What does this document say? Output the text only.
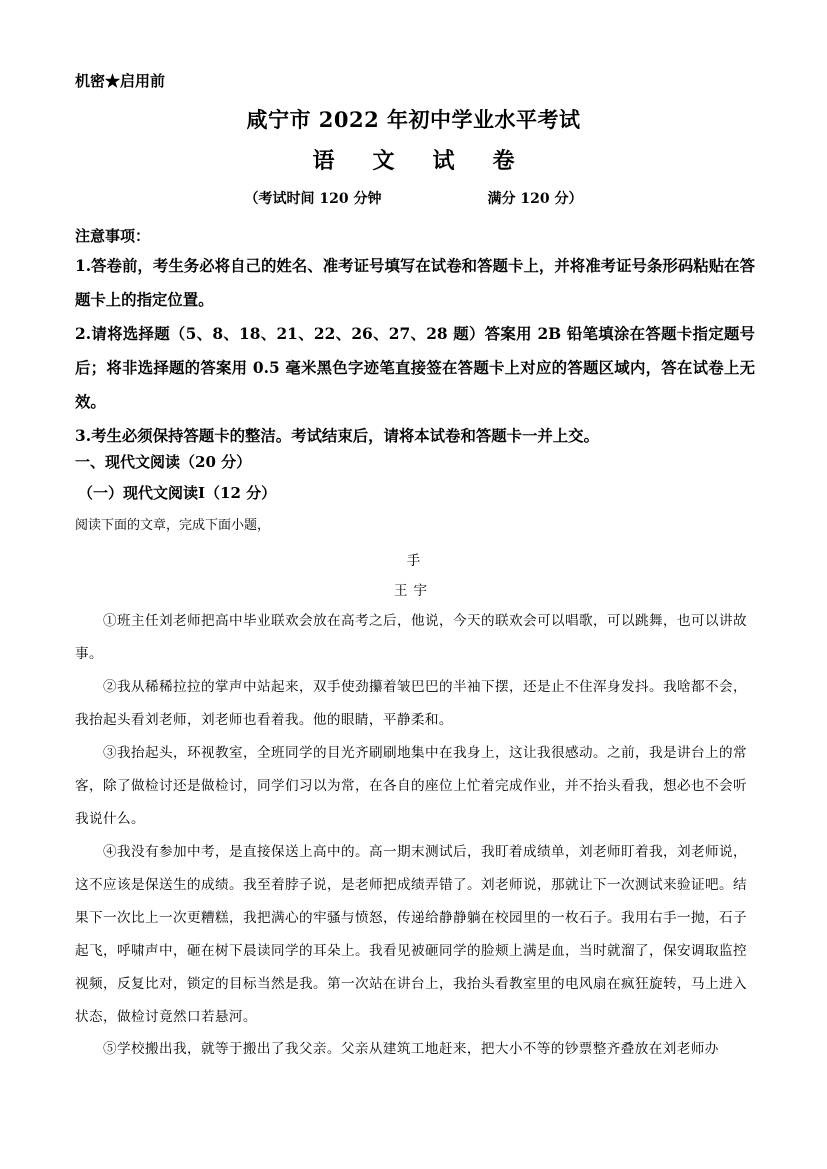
机密★启用前
咸宁市 2022 年初中学业水平考试
语 文 试 卷
（考试时间 120 分钟	满分 120 分）
注意事项：
1.答卷前，考生务必将自己的姓名、准考证号填写在试卷和答题卡上，并将准考证号条形码粘贴在答题卡上的指定位置。
2.请将选择题（5、8、18、21、22、26、27、28 题）答案用 2B 铅笔填涂在答题卡指定题号后；将非选择题的答案用 0.5 毫米黑色字迹笔直接签在答题卡上对应的答题区域内，答在试卷上无效。
3.考生必须保持答题卡的整洁。考试结束后，请将本试卷和答题卡一并上交。
一、现代文阅读（20 分）
（一）现代文阅读Ⅰ（12 分）
阅读下面的文章，完成下面小题，
手
王宇
①班主任刘老师把高中毕业联欢会放在高考之后，他说，今天的联欢会可以唱歌，可以跳舞，也可以讲故事。
②我从稀稀拉拉的掌声中站起来，双手使劲攥着皱巴巴的半袖下摆，还是止不住浑身发抖。我啥都不会，我抬起头看刘老师，刘老师也看着我。他的眼睛，平静柔和。
③我抬起头，环视教室，全班同学的目光齐刷刷地集中在我身上，这让我很感动。之前，我是讲台上的常客，除了做检讨还是做检讨，同学们习以为常，在各自的座位上忙着完成作业，并不抬头看我，想必也不会听我说什么。
④我没有参加中考，是直接保送上高中的。高一期末测试后，我盯着成绩单，刘老师盯着我，刘老师说，这不应该是保送生的成绩。我至着脖子说，是老师把成绩弄错了。刘老师说，那就让下一次测试来验证吧。结果下一次比上一次更糟糕，我把满心的牢骚与愤怒，传递给静静躺在校园里的一枚石子。我用右手一抛，石子起飞，呼啸声中，砸在树下晨读同学的耳朵上。我看见被砸同学的脸颊上满是血，当时就溜了，保安调取监控视频，反复比对，锁定的目标当然是我。第一次站在讲台上，我抬头看教室里的电风扇在疯狂旋转，马上进入状态，做检讨竟然口若悬河。
⑤学校搬出我，就等于搬出了我父亲。父亲从建筑工地赶来，把大小不等的钞票整齐叠放在刘老师办
